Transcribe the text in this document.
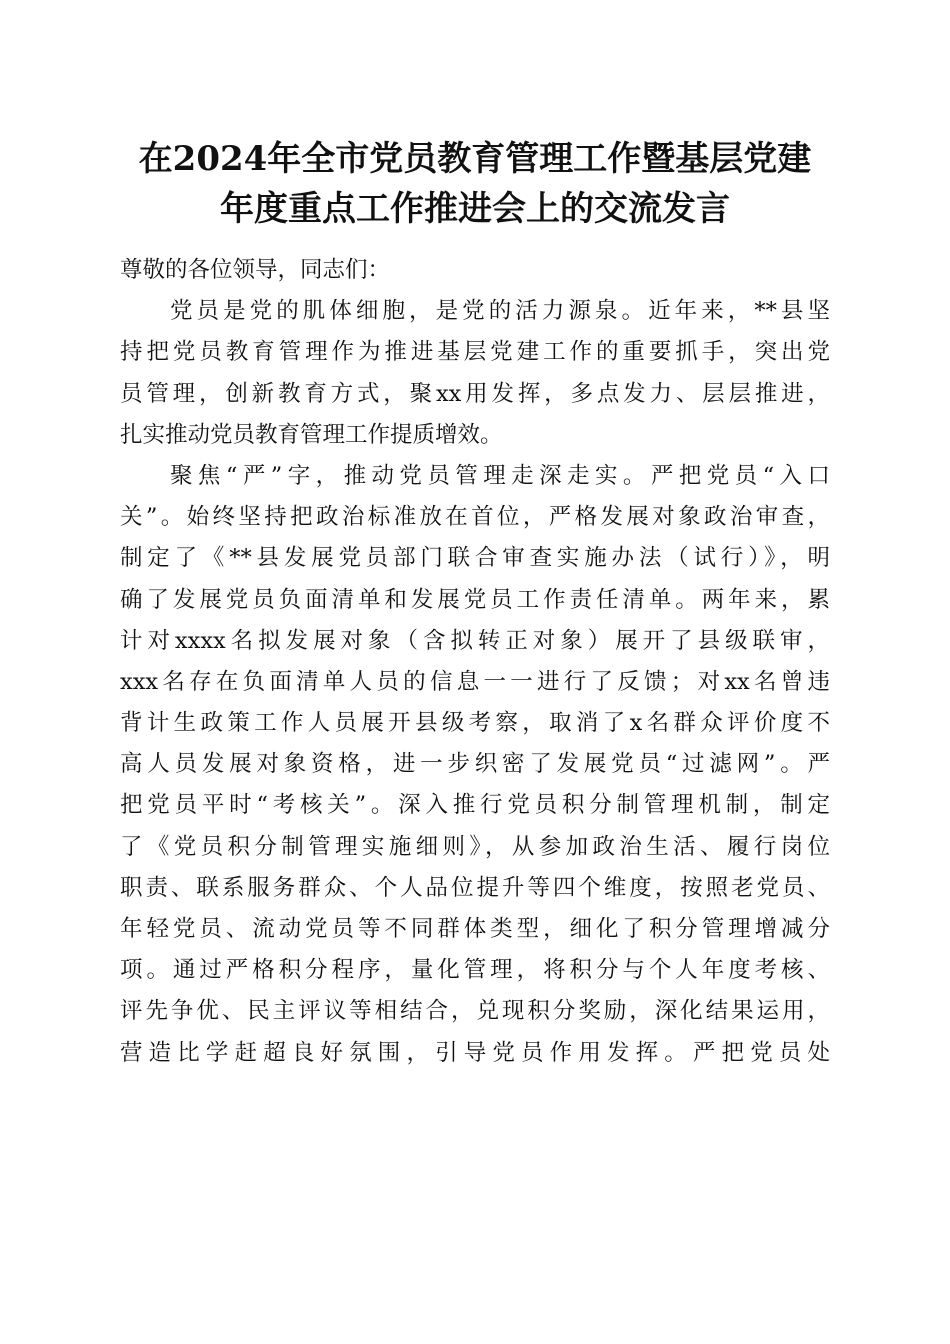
在2024年全市党员教育管理工作暨基层党建
年度重点工作推进会上的交流发言
尊敬的各位领导，同志们：
党员是党的肌体细胞，是党的活力源泉。近年来，**县坚
持把党员教育管理作为推进基层党建工作的重要抓手，突出党
员管理，创新教育方式，聚xx用发挥，多点发力、层层推进，
扎实推动党员教育管理工作提质增效。
聚焦“严”字，推动党员管理走深走实。严把党员“入口
关”。始终坚持把政治标准放在首位，严格发展对象政治审查，
制定了《**县发展党员部门联合审查实施办法（试行）》，明
确了发展党员负面清单和发展党员工作责任清单。两年来，累
计对xxxx名拟发展对象（含拟转正对象）展开了县级联审，
xxx名存在负面清单人员的信息一一进行了反馈；对xx名曾违
背计生政策工作人员展开县级考察，取消了x名群众评价度不
高人员发展对象资格，进一步织密了发展党员“过滤网”。严
把党员平时“考核关”。深入推行党员积分制管理机制，制定
了《党员积分制管理实施细则》，从参加政治生活、履行岗位
职责、联系服务群众、个人品位提升等四个维度，按照老党员、
年轻党员、流动党员等不同群体类型，细化了积分管理增减分
项。通过严格积分程序，量化管理，将积分与个人年度考核、
评先争优、民主评议等相结合，兑现积分奖励，深化结果运用，
营造比学赶超良好氛围，引导党员作用发挥。严把党员处
